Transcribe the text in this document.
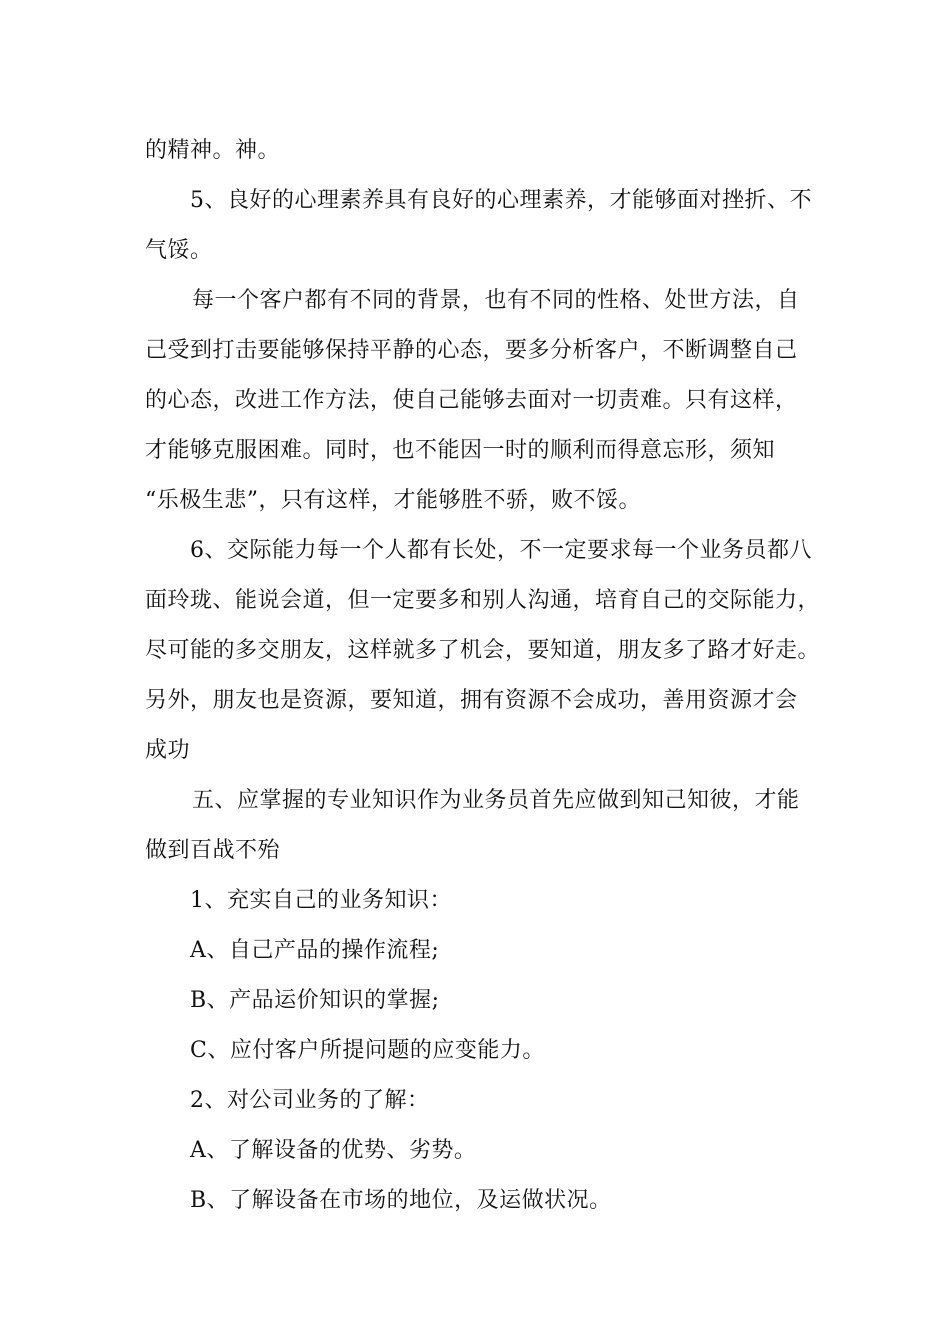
的精神。神。
5、良好的心理素养具有良好的心理素养，才能够面对挫折、不
气馁。
每一个客户都有不同的背景，也有不同的性格、处世方法，自
己受到打击要能够保持平静的心态，要多分析客户，不断调整自己
的心态，改进工作方法，使自己能够去面对一切责难。只有这样，
才能够克服困难。同时，也不能因一时的顺利而得意忘形，须知
“乐极生悲”，只有这样，才能够胜不骄，败不馁。
6、交际能力每一个人都有长处，不一定要求每一个业务员都八
面玲珑、能说会道，但一定要多和别人沟通，培育自己的交际能力，
尽可能的多交朋友，这样就多了机会，要知道，朋友多了路才好走。
另外，朋友也是资源，要知道，拥有资源不会成功，善用资源才会
成功
五、应掌握的专业知识作为业务员首先应做到知己知彼，才能
做到百战不殆
1、充实自己的业务知识：
A、自己产品的操作流程;
B、产品运价知识的掌握;
C、应付客户所提问题的应变能力。
2、对公司业务的了解：
A、了解设备的优势、劣势。
B、了解设备在市场的地位，及运做状况。
